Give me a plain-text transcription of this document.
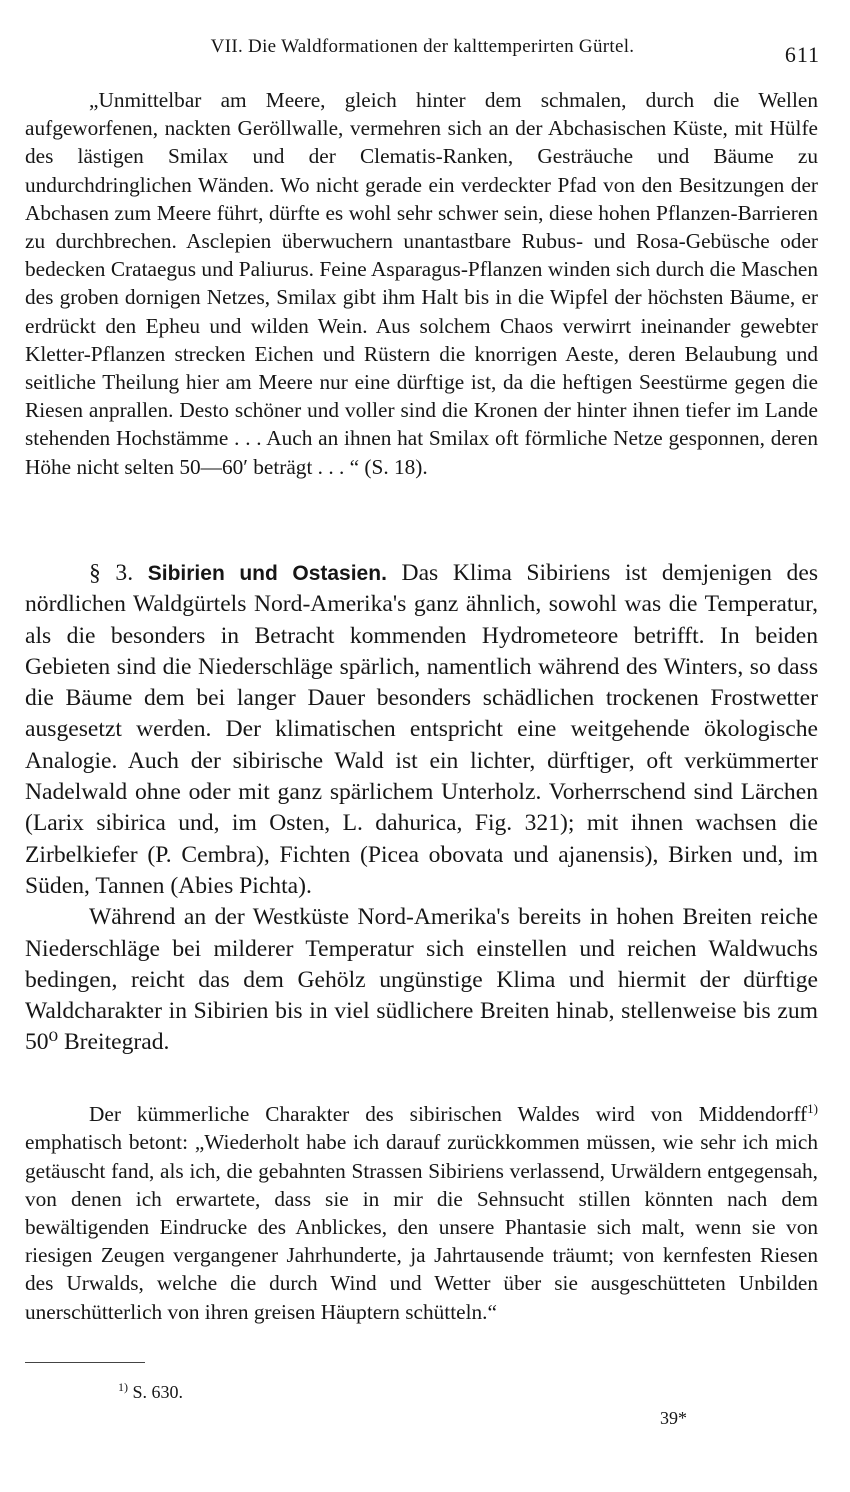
VII. Die Waldformationen der kalttemperirten Gürtel.	611

„Unmittelbar am Meere, gleich hinter dem schmalen, durch die Wellen aufgeworfenen, nackten Geröllwalle, vermehren sich an der Abchasischen Küste, mit Hülfe des lästigen Smilax und der Clematis-Ranken, Gesträuche und Bäume zu undurchdringlichen Wänden. Wo nicht gerade ein verdeckter Pfad von den Besitzungen der Abchasen zum Meere führt, dürfte es wohl sehr schwer sein, diese hohen Pflanzen-Barrieren zu durchbrechen. Asclepien überwuchern unantastbare Rubus- und Rosa-Gebüsche oder bedecken Crataegus und Paliurus. Feine Asparagus-Pflanzen winden sich durch die Maschen des groben dornigen Netzes, Smilax gibt ihm Halt bis in die Wipfel der höchsten Bäume, er erdrückt den Epheu und wilden Wein. Aus solchem Chaos verwirrt ineinander gewebter Kletter-Pflanzen strecken Eichen und Rüstern die knorrigen Aeste, deren Belaubung und seitliche Theilung hier am Meere nur eine dürftige ist, da die heftigen Seestürme gegen die Riesen anprallen. Desto schöner und voller sind die Kronen der hinter ihnen tiefer im Lande stehenden Hochstämme . . . Auch an ihnen hat Smilax oft förmliche Netze gesponnen, deren Höhe nicht selten 50—60′ beträgt . . . “ (S. 18).

§ 3. Sibirien und Ostasien. Das Klima Sibiriens ist demjenigen des nördlichen Waldgürtels Nord-Amerika's ganz ähnlich, sowohl was die Temperatur, als die besonders in Betracht kommenden Hydrometeore betrifft. In beiden Gebieten sind die Niederschläge spärlich, namentlich während des Winters, so dass die Bäume dem bei langer Dauer besonders schädlichen trockenen Frostwetter ausgesetzt werden. Der klimatischen entspricht eine weitgehende ökologische Analogie. Auch der sibirische Wald ist ein lichter, dürftiger, oft verkümmerter Nadelwald ohne oder mit ganz spärlichem Unterholz. Vorherrschend sind Lärchen (Larix sibirica und, im Osten, L. dahurica, Fig. 321); mit ihnen wachsen die Zirbelkiefer (P. Cembra), Fichten (Picea obovata und ajanensis), Birken und, im Süden, Tannen (Abies Pichta).

Während an der Westküste Nord-Amerika's bereits in hohen Breiten reiche Niederschläge bei milderer Temperatur sich einstellen und reichen Waldwuchs bedingen, reicht das dem Gehölz ungünstige Klima und hiermit der dürftige Waldcharakter in Sibirien bis in viel südlichere Breiten hinab, stellenweise bis zum 50⁰ Breitegrad.

Der kümmerliche Charakter des sibirischen Waldes wird von Middendorff$^{1)}$ emphatisch betont: „Wiederholt habe ich darauf zurückkommen müssen, wie sehr ich mich getäuscht fand, als ich, die gebahnten Strassen Sibiriens verlassend, Urwäldern entgegensah, von denen ich erwartete, dass sie in mir die Sehnsucht stillen könnten nach dem bewältigenden Eindrucke des Anblickes, den unsere Phantasie sich malt, wenn sie von riesigen Zeugen vergangener Jahrhunderte, ja Jahrtausende träumt; von kernfesten Riesen des Urwalds, welche die durch Wind und Wetter über sie ausgeschütteten Unbilden unerschütterlich von ihren greisen Häuptern schütteln.“

$^{1)}$ S. 630.
39*
